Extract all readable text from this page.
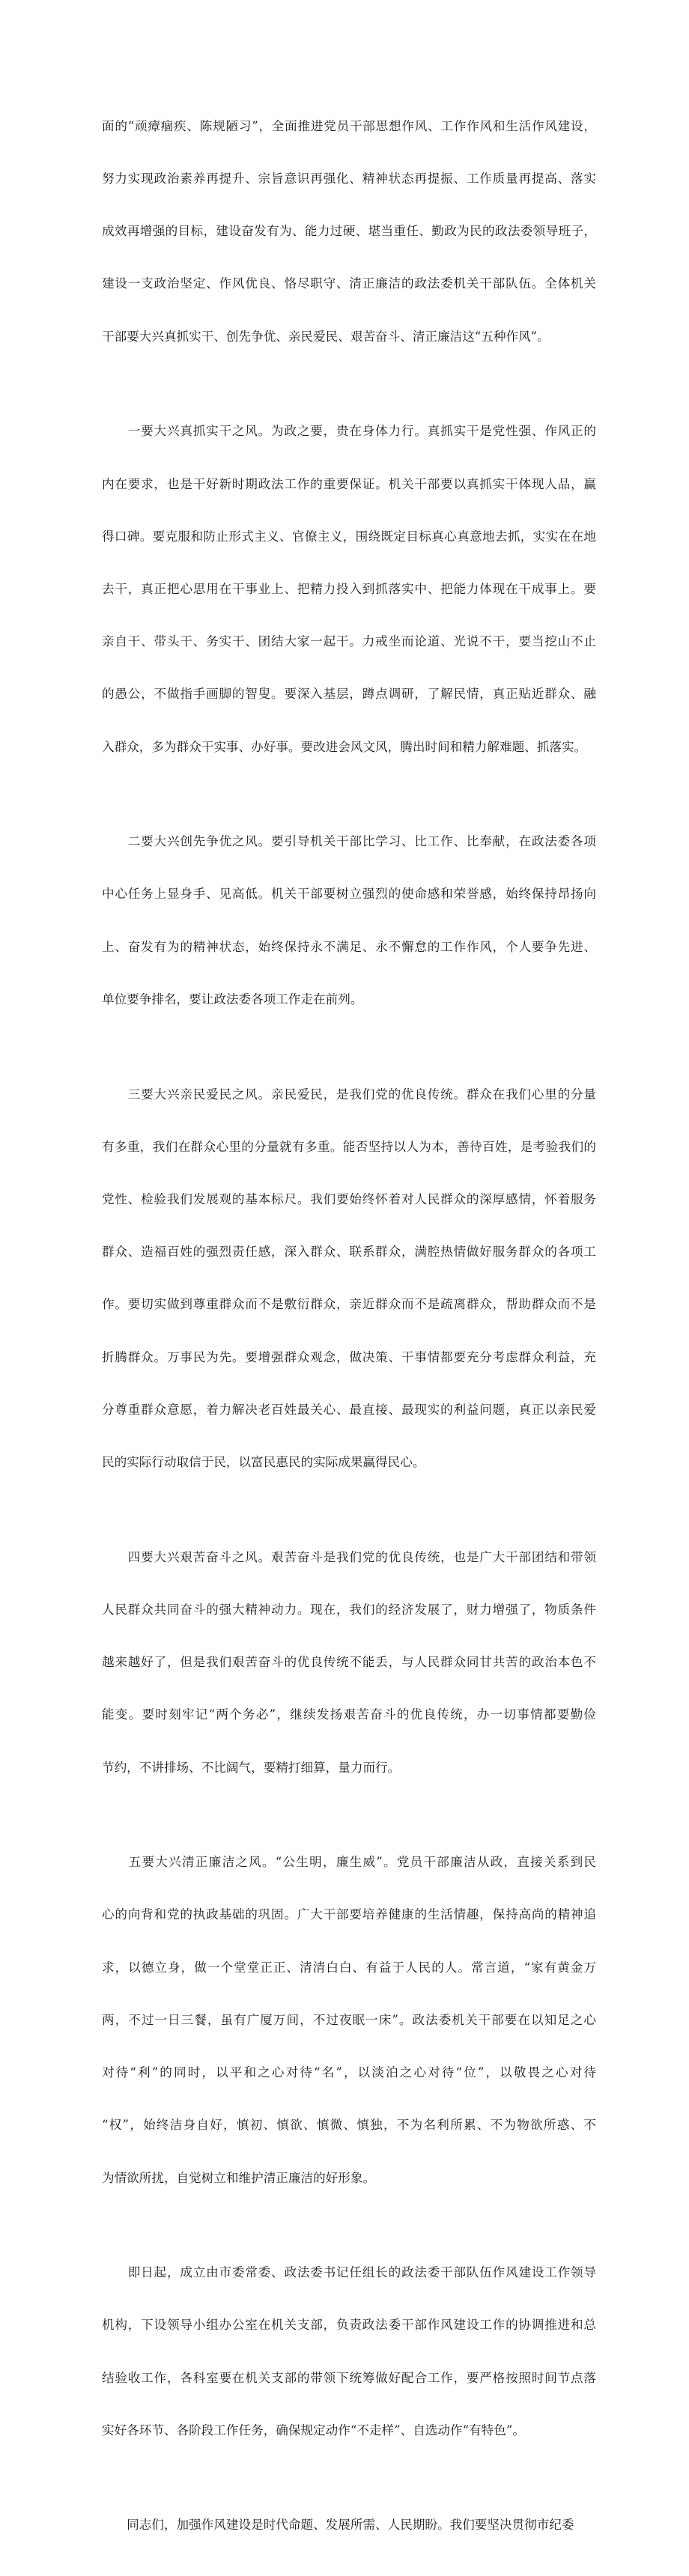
面的“顽瘴痼疾、陈规陋习”，全面推进党员干部思想作风、工作作风和生活作风建设，

努力实现政治素养再提升、宗旨意识再强化、精神状态再提振、工作质量再提高、落实

成效再增强的目标，建设奋发有为、能力过硬、堪当重任、勤政为民的政法委领导班子，

建设一支政治坚定、作风优良、恪尽职守、清正廉洁的政法委机关干部队伍。全体机关

干部要大兴真抓实干、创先争优、亲民爱民、艰苦奋斗、清正廉洁这“五种作风”。

　　一要大兴真抓实干之风。为政之要，贵在身体力行。真抓实干是党性强、作风正的

内在要求，也是干好新时期政法工作的重要保证。机关干部要以真抓实干体现人品，赢

得口碑。要克服和防止形式主义、官僚主义，围绕既定目标真心真意地去抓，实实在在地

去干，真正把心思用在干事业上、把精力投入到抓落实中、把能力体现在干成事上。要

亲自干、带头干、务实干、团结大家一起干。力戒坐而论道、光说不干，要当挖山不止

的愚公，不做指手画脚的智叟。要深入基层，蹲点调研，了解民情，真正贴近群众、融

入群众，多为群众干实事、办好事。要改进会风文风，腾出时间和精力解难题、抓落实。

　　二要大兴创先争优之风。要引导机关干部比学习、比工作、比奉献，在政法委各项

中心任务上显身手、见高低。机关干部要树立强烈的使命感和荣誉感，始终保持昂扬向

上、奋发有为的精神状态，始终保持永不满足、永不懈怠的工作作风，个人要争先进、

单位要争排名，要让政法委各项工作走在前列。

　　三要大兴亲民爱民之风。亲民爱民，是我们党的优良传统。群众在我们心里的分量

有多重，我们在群众心里的分量就有多重。能否坚持以人为本，善待百姓，是考验我们的

党性、检验我们发展观的基本标尺。我们要始终怀着对人民群众的深厚感情，怀着服务

群众、造福百姓的强烈责任感，深入群众、联系群众，满腔热情做好服务群众的各项工

作。要切实做到尊重群众而不是敷衍群众，亲近群众而不是疏离群众，帮助群众而不是

折腾群众。万事民为先。要增强群众观念，做决策、干事情都要充分考虑群众利益，充

分尊重群众意愿，着力解决老百姓最关心、最直接、最现实的利益问题，真正以亲民爱

民的实际行动取信于民，以富民惠民的实际成果赢得民心。

　　四要大兴艰苦奋斗之风。艰苦奋斗是我们党的优良传统，也是广大干部团结和带领

人民群众共同奋斗的强大精神动力。现在，我们的经济发展了，财力增强了，物质条件

越来越好了，但是我们艰苦奋斗的优良传统不能丢，与人民群众同甘共苦的政治本色不

能变。要时刻牢记“两个务必”，继续发扬艰苦奋斗的优良传统，办一切事情都要勤俭

节约，不讲排场、不比阔气，要精打细算，量力而行。

　　五要大兴清正廉洁之风。“公生明，廉生威”。党员干部廉洁从政，直接关系到民

心的向背和党的执政基础的巩固。广大干部要培养健康的生活情趣，保持高尚的精神追

求，以德立身，做一个堂堂正正、清清白白、有益于人民的人。常言道，“家有黄金万

两，不过一日三餐，虽有广厦万间，不过夜眠一床”。政法委机关干部要在以知足之心

对待“利”的同时，以平和之心对待“名”，以淡泊之心对待“位”，以敬畏之心对待

“权”，始终洁身自好，慎初、慎欲、慎微、慎独，不为名利所累、不为物欲所惑、不

为情欲所扰，自觉树立和维护清正廉洁的好形象。

　　即日起，成立由市委常委、政法委书记任组长的政法委干部队伍作风建设工作领导

机构，下设领导小组办公室在机关支部，负责政法委干部作风建设工作的协调推进和总

结验收工作，各科室要在机关支部的带领下统筹做好配合工作，要严格按照时间节点落

实好各环节、各阶段工作任务，确保规定动作“不走样”、自选动作“有特色”。

　　同志们，加强作风建设是时代命题、发展所需、人民期盼。我们要坚决贯彻市纪委
